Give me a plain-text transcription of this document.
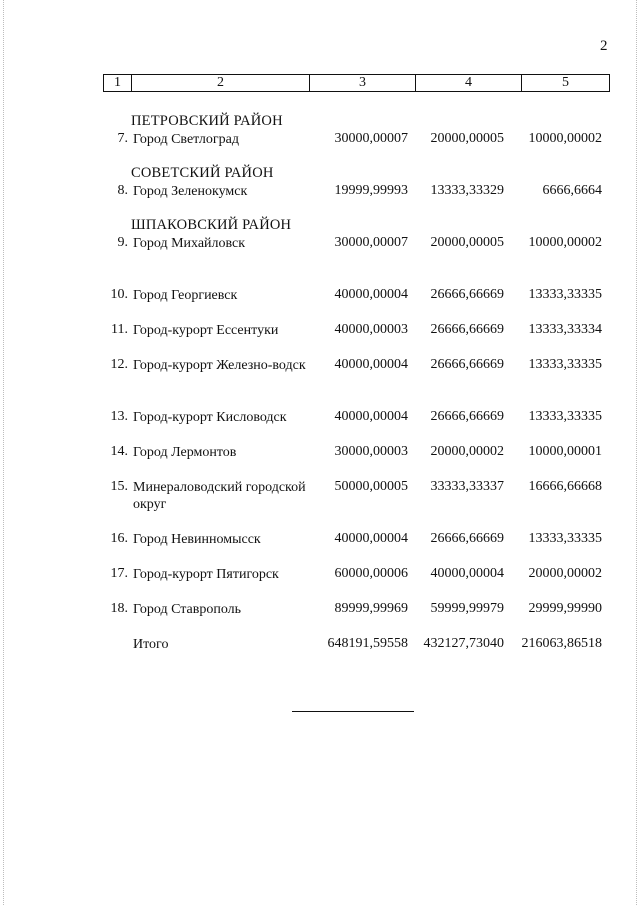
2
1	2	3	4	5
ПЕТРОВСКИЙ РАЙОН
7. Город Светлоград	30000,00007 20000,00005 10000,00002
СОВЕТСКИЙ РАЙОН
8. Город Зеленокумск	19999,99993 13333,33329	6666,6664
ШПАКОВСКИЙ РАЙОН
9. Город Михайловск	30000,00007 20000,00005 10000,00002
10. Город Георгиевск	40000,00004 26666,66669 13333,33335
11. Город-курорт Ессентуки	40000,00003 26666,66669 13333,33334
12. Город-курорт Железно-водск 40000,00004 26666,66669 13333,33335
13. Город-курорт Кисловодск	40000,00004 26666,66669 13333,33335
14. Город Лермонтов	30000,00003 20000,00002 10000,00001
15. Минераловодский городской округ
50000,00005 33333,33337 16666,66668
16. Город Невинномысск	40000,00004 26666,66669 13333,33335
17. Город-курорт Пятигорск	60000,00006 40000,00004 20000,00002
18. Город Ставрополь	89999,99969 59999,99979 29999,99990
Итого	648191,59558 432127,73040 216063,86518
